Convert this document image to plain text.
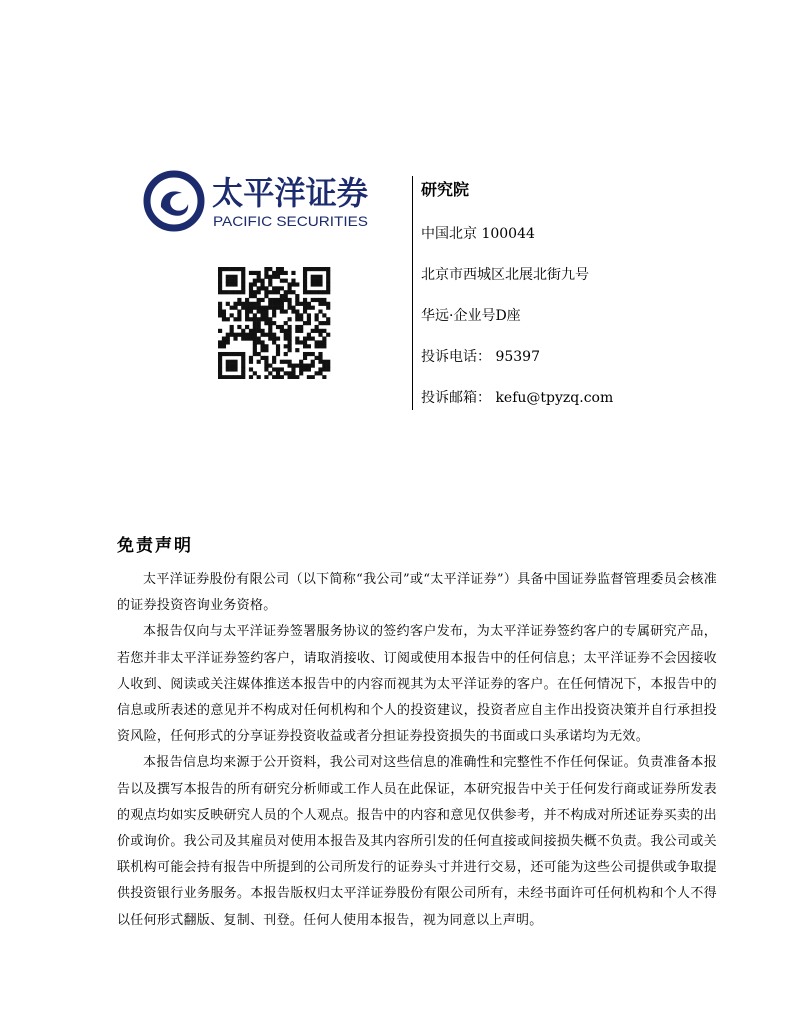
太平洋证券
PACIFIC SECURITIES
研究院
中国北京 100044
北京市西城区北展北街九号
华远·企业号D座
投诉电话： 95397
投诉邮箱： kefu@tpyzq.com
免责声明

太平洋证券股份有限公司（以下简称“我公司”或“太平洋证券”）具备中国证券监督管理委员会核准的证券投资咨询业务资格。

本报告仅向与太平洋证券签署服务协议的签约客户发布，为太平洋证券签约客户的专属研究产品，若您并非太平洋证券签约客户，请取消接收、订阅或使用本报告中的任何信息；太平洋证券不会因接收人收到、阅读或关注媒体推送本报告中的内容而视其为太平洋证券的客户。在任何情况下，本报告中的信息或所表述的意见并不构成对任何机构和个人的投资建议，投资者应自主作出投资决策并自行承担投资风险，任何形式的分享证券投资收益或者分担证券投资损失的书面或口头承诺均为无效。

本报告信息均来源于公开资料，我公司对这些信息的准确性和完整性不作任何保证。负责准备本报告以及撰写本报告的所有研究分析师或工作人员在此保证，本研究报告中关于任何发行商或证券所发表的观点均如实反映研究人员的个人观点。报告中的内容和意见仅供参考，并不构成对所述证券买卖的出价或询价。我公司及其雇员对使用本报告及其内容所引发的任何直接或间接损失概不负责。我公司或关联机构可能会持有报告中所提到的公司所发行的证券头寸并进行交易，还可能为这些公司提供或争取提供投资银行业务服务。本报告版权归太平洋证券股份有限公司所有，未经书面许可任何机构和个人不得以任何形式翻版、复制、刊登。任何人使用本报告，视为同意以上声明。
